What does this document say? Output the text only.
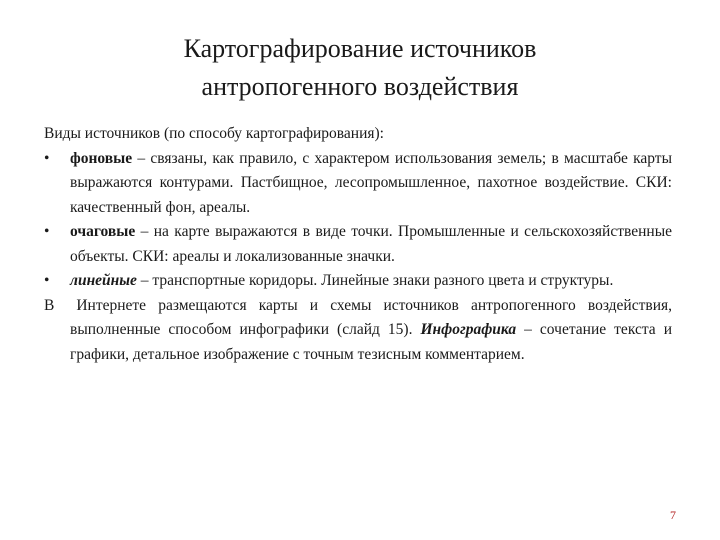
Картографирование источников
антропогенного воздействия

Виды источников (по способу картографирования):

•	фоновые – связаны, как правило, с характером использования земель; в масштабе карты выражаются контурами. Пастбищное, лесопромышленное, пахотное воздействие. СКИ: качественный фон, ареалы.
•	очаговые – на карте выражаются в виде точки. Промышленные и сельскохозяйственные объекты. СКИ: ареалы и локализованные значки.
•	линейные – транспортные коридоры. Линейные знаки разного цвета и структуры.
В Интернете размещаются карты и схемы источников антропогенного воздействия, выполненные способом инфографики (слайд 15). Инфографика – сочетание текста и графики, детальное изображение с точным тезисным комментарием.
7
